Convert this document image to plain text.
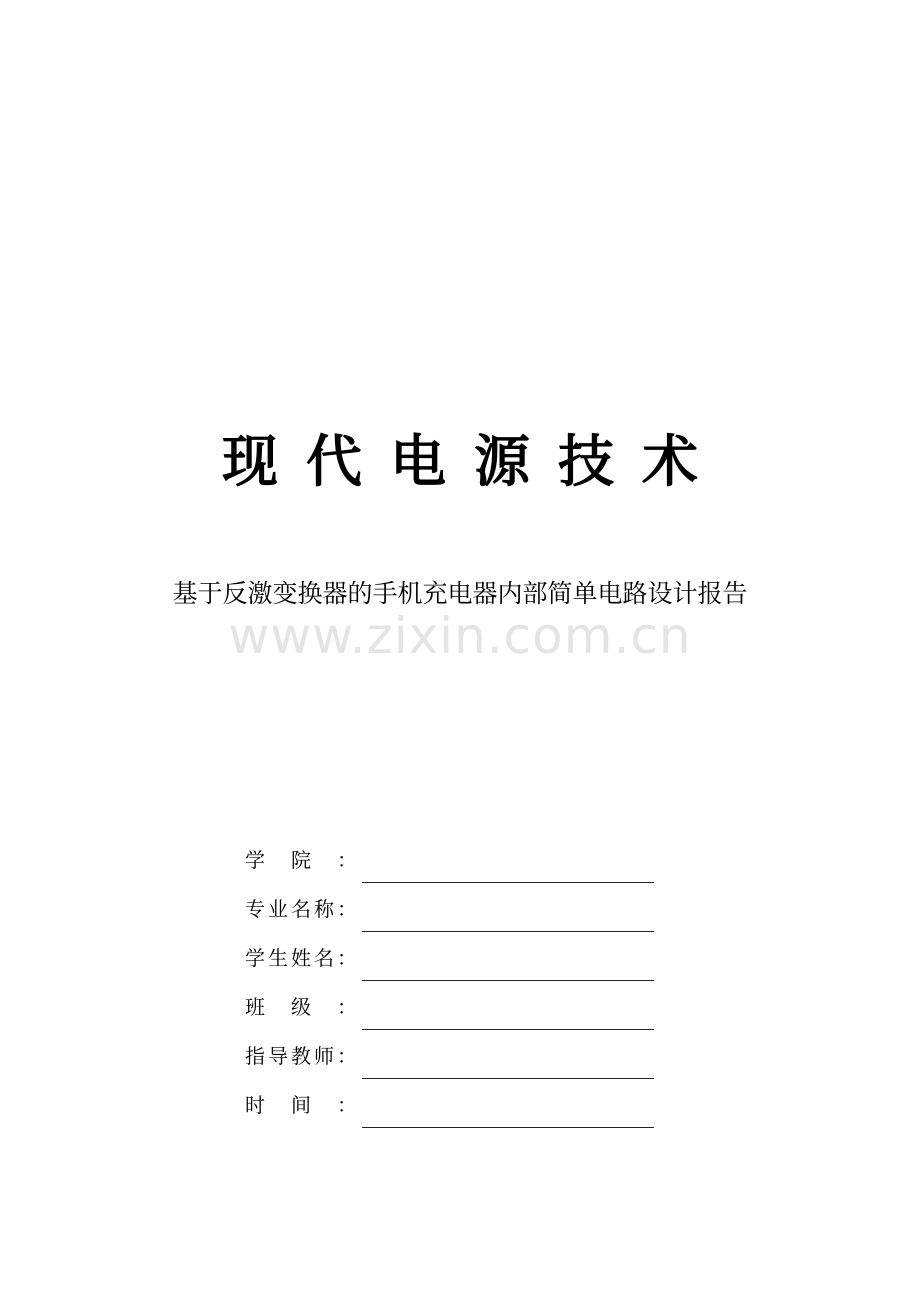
现 代 电 源 技 术
基于反激变换器的手机充电器内部简单电路设计报告
www.zixin.com.cn
学 院 ：
专 业 名 称 ：
学 生 姓 名 ：
班 级 ：
指 导 教 师 ：
时 间 ：
